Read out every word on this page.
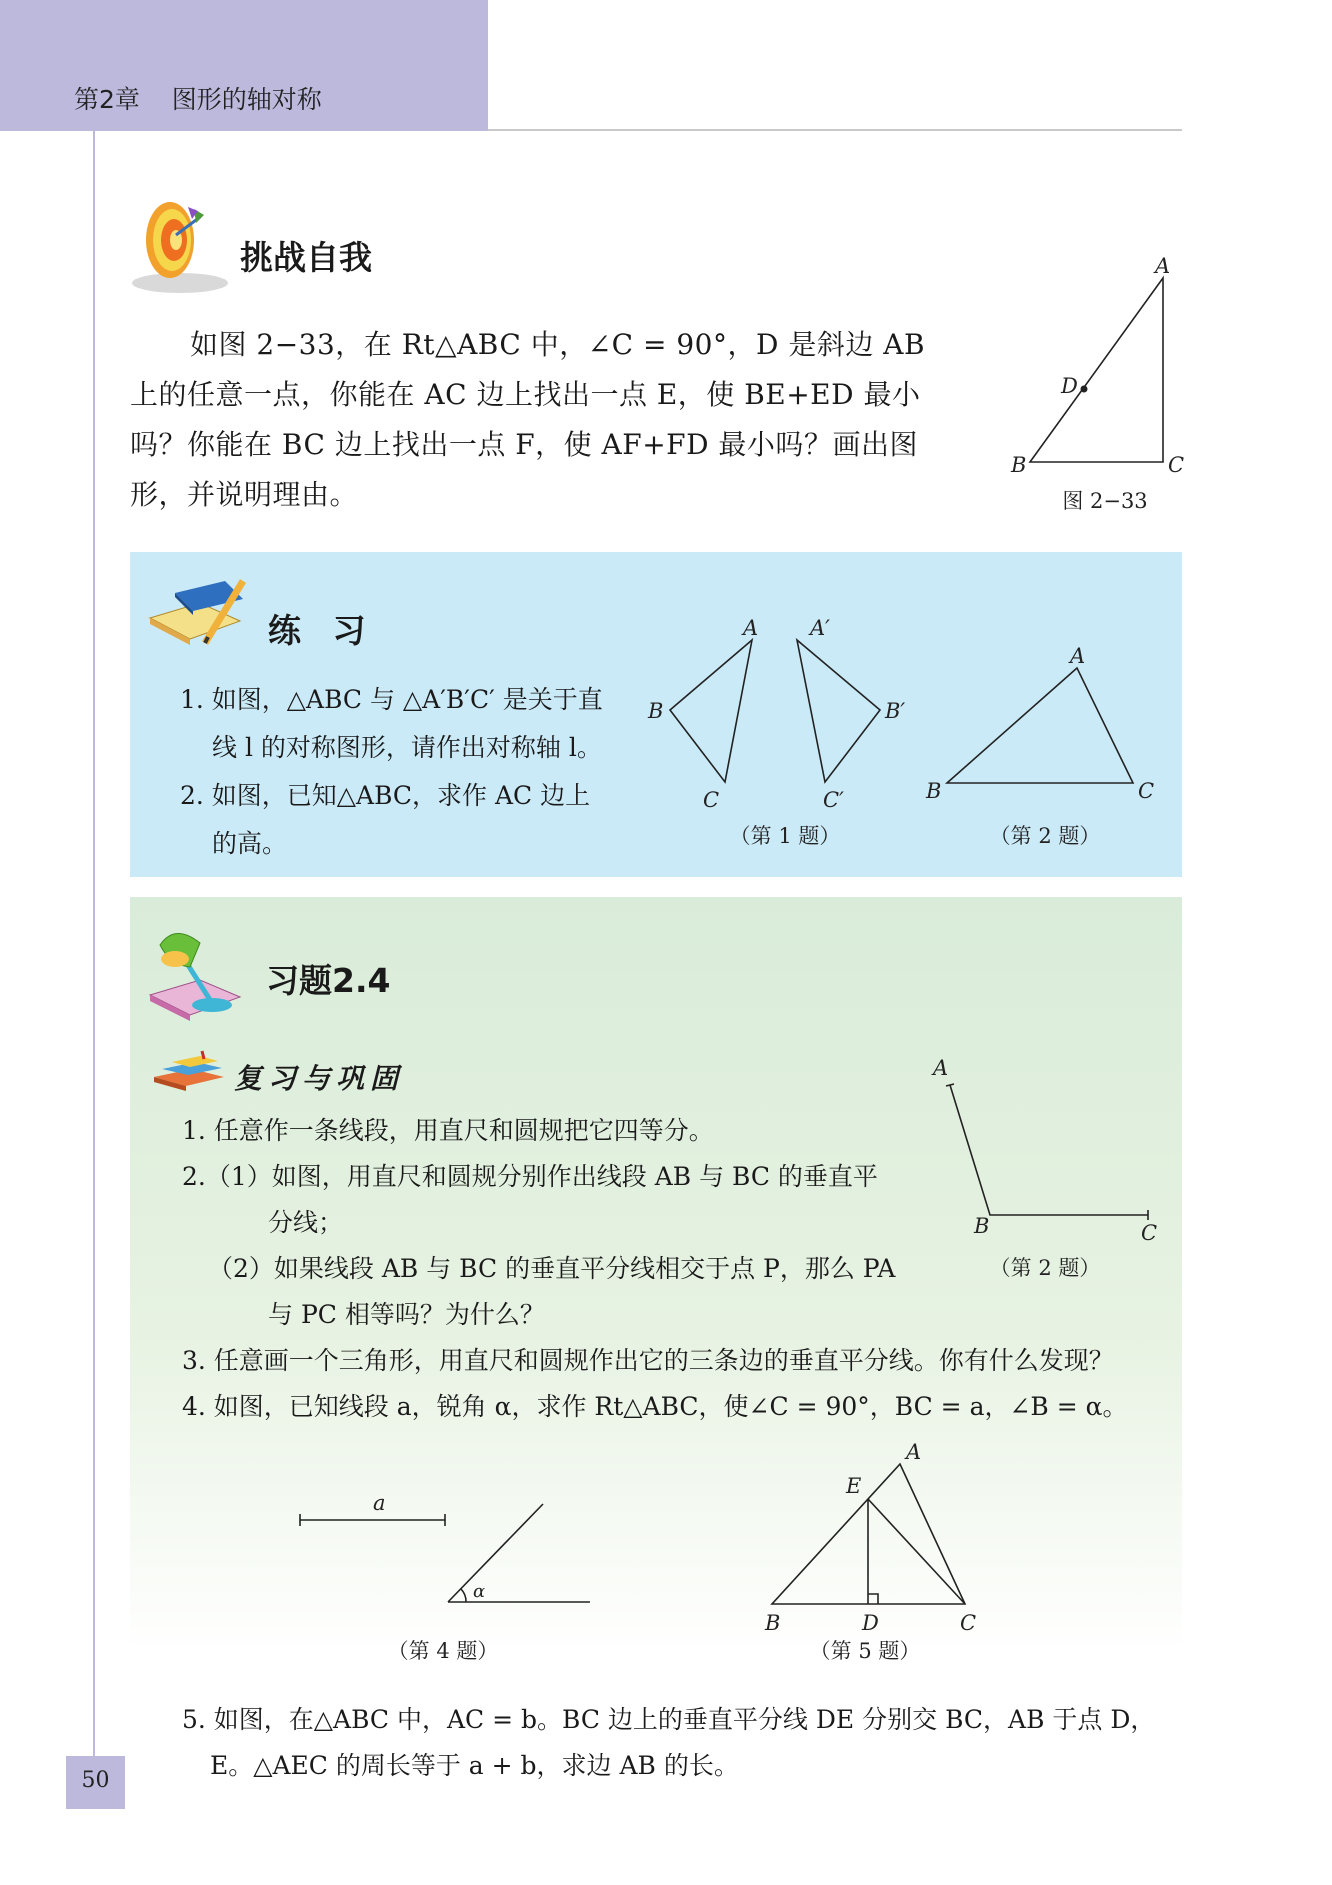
第2章 图形的轴对称
挑战自我
如图 2−33，在 Rt△ABC 中，∠C = 90°，D 是斜边 AB
上的任意一点，你能在 AC 边上找出一点 E，使 BE+ED 最小
吗？你能在 BC 边上找出一点 F，使 AF+FD 最小吗？画出图
形，并说明理由。
A
B	C
D
图 2−33
练 习
1. 如图，△ABC 与 △A′B′C′ 是关于直
线 l 的对称图形，请作出对称轴 l。
2. 如图，已知△ABC，求作 AC 边上
的高。
A
B
C
A′
B′
C′
（第 1 题）
A
B	C
（第 2 题）
习题2.4
复习与巩固
1. 任意作一条线段，用直尺和圆规把它四等分。
2.（1）如图，用直尺和圆规分别作出线段 AB 与 BC 的垂直平
分线；
（2）如果线段 AB 与 BC 的垂直平分线相交于点 P，那么 PA
与 PC 相等吗？为什么？
3. 任意画一个三角形，用直尺和圆规作出它的三条边的垂直平分线。你有什么发现？
4. 如图，已知线段 a，锐角 α，求作 Rt△ABC，使∠C = 90°，BC = a，∠B = α。
A
B	C
（第 2 题）
a
α
（第 4 题）
A
E
B	D	C
（第 5 题）
5. 如图，在△ABC 中，AC = b。BC 边上的垂直平分线 DE 分别交 BC，AB 于点 D，
E。△AEC 的周长等于 a + b，求边 AB 的长。
50
